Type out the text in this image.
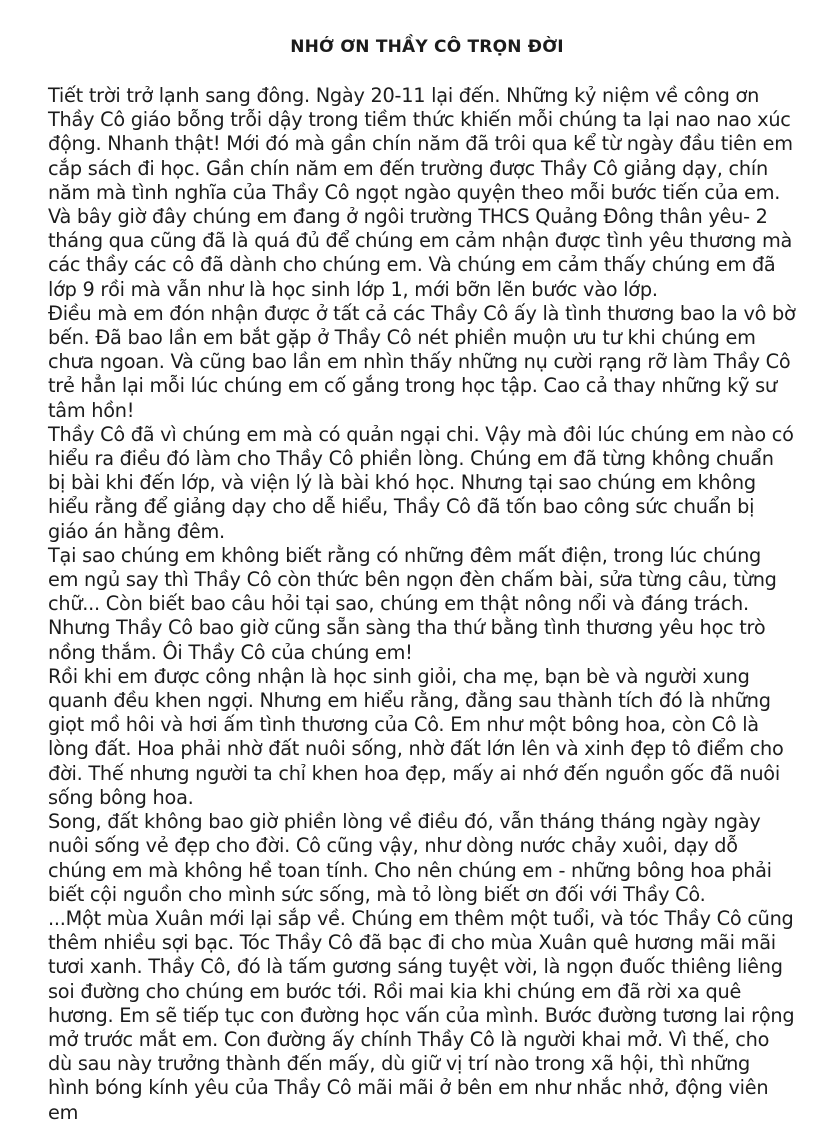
NHỚ ƠN THẦY CÔ TRỌN ĐỜI

Tiết trời trở lạnh sang đông. Ngày 20-11 lại đến. Những kỷ niệm về công ơn Thầy Cô giáo bỗng trỗi dậy trong tiềm thức khiến mỗi chúng ta lại nao nao xúc động. Nhanh thật! Mới đó mà gần chín năm đã trôi qua kể từ ngày đầu tiên em cắp sách đi học. Gần chín năm em đến trường được Thầy Cô giảng dạy, chín năm mà tình nghĩa của Thầy Cô ngọt ngào quyện theo mỗi bước tiến của em. Và bây giờ đây chúng em đang ở ngôi trường THCS Quảng Đông thân yêu- 2 tháng qua cũng đã là quá đủ để chúng em cảm nhận được tình yêu thương mà các thầy các cô đã dành cho chúng em. Và chúng em cảm thấy chúng em đã lớp 9 rồi mà vẫn như là học sinh lớp 1, mới bỡn lẽn bước vào lớp.

Điều mà em đón nhận được ở tất cả các Thầy Cô ấy là tình thương bao la vô bờ bến. Đã bao lần em bắt gặp ở Thầy Cô nét phiền muộn ưu tư khi chúng em chưa ngoan. Và cũng bao lần em nhìn thấy những nụ cười rạng rỡ làm Thầy Cô trẻ hẳn lại mỗi lúc chúng em cố gắng trong học tập. Cao cả thay những kỹ sư tâm hồn!

Thầy Cô đã vì chúng em mà có quản ngại chi. Vậy mà đôi lúc chúng em nào có hiểu ra điều đó làm cho Thầy Cô phiền lòng. Chúng em đã từng không chuẩn bị bài khi đến lớp, và viện lý là bài khó học. Nhưng tại sao chúng em không hiểu rằng để giảng dạy cho dễ hiểu, Thầy Cô đã tốn bao công sức chuẩn bị giáo án hằng đêm.

Tại sao chúng em không biết rằng có những đêm mất điện, trong lúc chúng em ngủ say thì Thầy Cô còn thức bên ngọn đèn chấm bài, sửa từng câu, từng chữ... Còn biết bao câu hỏi tại sao, chúng em thật nông nổi và đáng trách. Nhưng Thầy Cô bao giờ cũng sẵn sàng tha thứ bằng tình thương yêu học trò nồng thắm. Ôi Thầy Cô của chúng em!

Rồi khi em được công nhận là học sinh giỏi, cha mẹ, bạn bè và người xung quanh đều khen ngợi. Nhưng em hiểu rằng, đằng sau thành tích đó là những giọt mồ hôi và hơi ấm tình thương của Cô. Em như một bông hoa, còn Cô là lòng đất. Hoa phải nhờ đất nuôi sống, nhờ đất lớn lên và xinh đẹp tô điểm cho đời. Thế nhưng người ta chỉ khen hoa đẹp, mấy ai nhớ đến nguồn gốc đã nuôi sống bông hoa.

Song, đất không bao giờ phiền lòng về điều đó, vẫn tháng tháng ngày ngày nuôi sống vẻ đẹp cho đời. Cô cũng vậy, như dòng nước chảy xuôi, dạy dỗ chúng em mà không hề toan tính. Cho nên chúng em - những bông hoa phải biết cội nguồn cho mình sức sống, mà tỏ lòng biết ơn đối với Thầy Cô.

...Một mùa Xuân mới lại sắp về. Chúng em thêm một tuổi, và tóc Thầy Cô cũng thêm nhiều sợi bạc. Tóc Thầy Cô đã bạc đi cho mùa Xuân quê hương mãi mãi tươi xanh. Thầy Cô, đó là tấm gương sáng tuyệt vời, là ngọn đuốc thiêng liêng soi đường cho chúng em bước tới. Rồi mai kia khi chúng em đã rời xa quê hương. Em sẽ tiếp tục con đường học vấn của mình. Bước đường tương lai rộng mở trước mắt em. Con đường ấy chính Thầy Cô là người khai mở. Vì thế, cho dù sau này trưởng thành đến mấy, dù giữ vị trí nào trong xã hội, thì những hình bóng kính yêu của Thầy Cô mãi mãi ở bên em như nhắc nhở, động viên em
